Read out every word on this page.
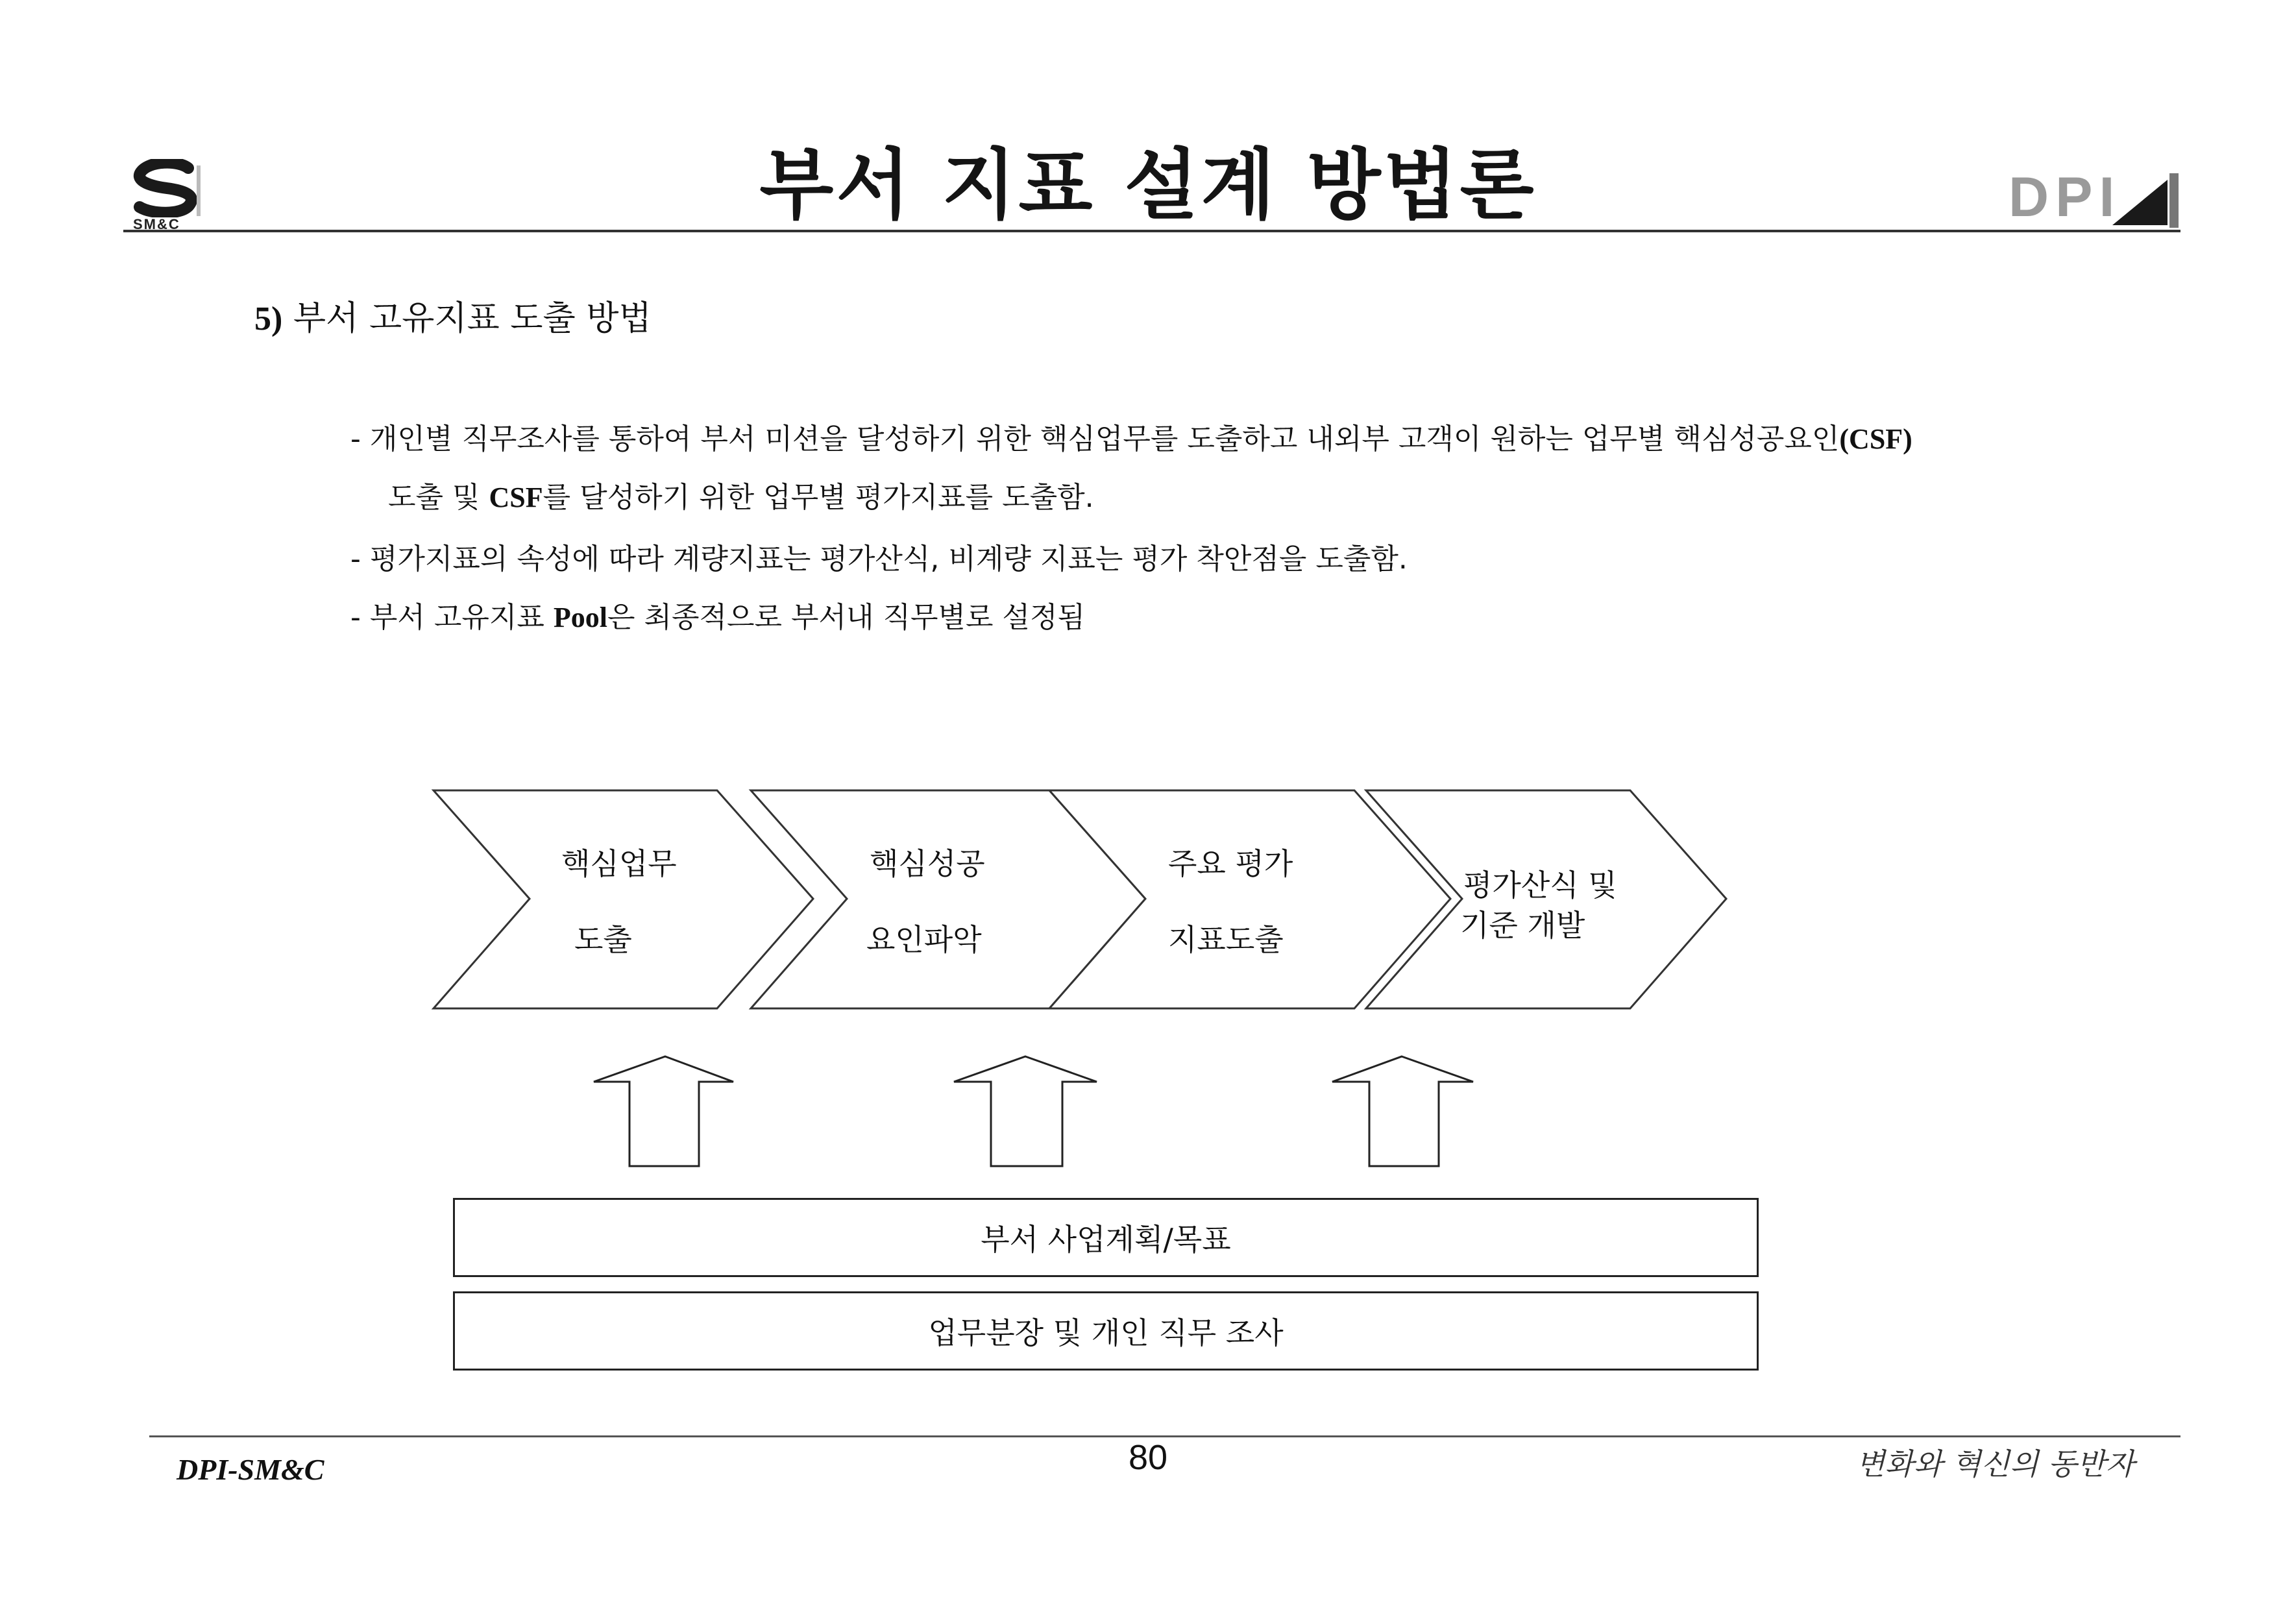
SM&C	부서 지표 설계 방법론	DPI
5) 부서 고유지표 도출 방법
- 개인별 직무조사를 통하여 부서 미션을 달성하기 위한 핵심업무를 도출하고 내외부 고객이 원하는 업무별 핵심성공요인(CSF)
도출 및 CSF를 달성하기 위한 업무별 평가지표를 도출함.
- 평가지표의 속성에 따라 계량지표는 평가산식, 비계량 지표는 평가 착안점을 도출함.
- 부서 고유지표 Pool은 최종적으로 부서내 직무별로 설정됨
핵심업무
도출
핵심성공
요인파악
주요 평가
지표도출
평가산식 및
기준 개발
부서 사업계획/목표
업무분장 및 개인 직무 조사
DPI-SM&C	80	변화와 혁신의 동반자
